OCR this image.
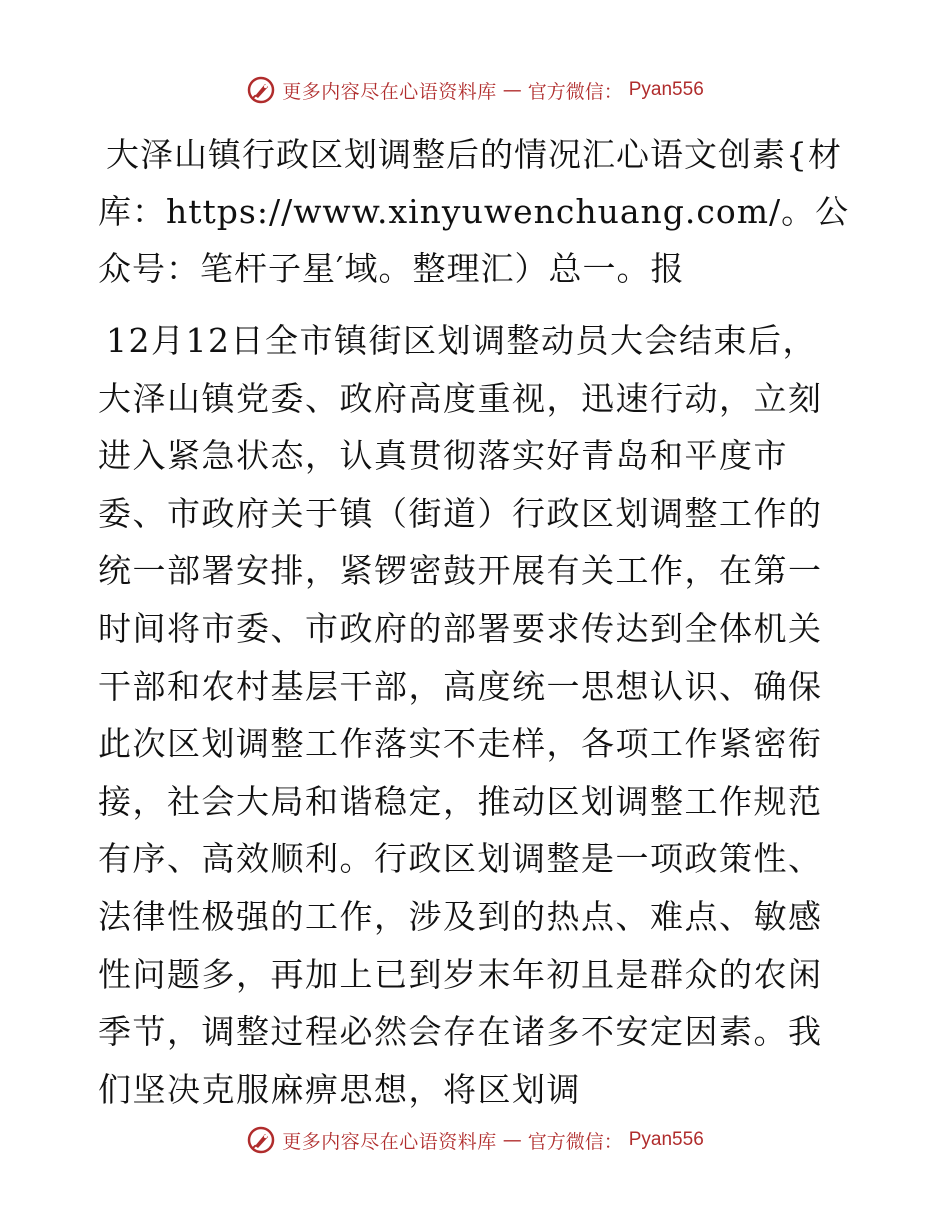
更多内容尽在心语资料库 — 官方微信： Pyan556

大泽山镇行政区划调整后的情况汇心语文创素{材库：https://www.xinyuwenchuang.com/。公众号：笔杆子星′域。整理汇）总一。报

12月12日全市镇街区划调整动员大会结束后，大泽山镇党委、政府高度重视，迅速行动，立刻进入紧急状态，认真贯彻落实好青岛和平度市委、市政府关于镇（街道）行政区划调整工作的统一部署安排，紧锣密鼓开展有关工作，在第一时间将市委、市政府的部署要求传达到全体机关干部和农村基层干部，高度统一思想认识、确保此次区划调整工作落实不走样，各项工作紧密衔接，社会大局和谐稳定，推动区划调整工作规范有序、高效顺利。行政区划调整是一项政策性、法律性极强的工作，涉及到的热点、难点、敏感性问题多，再加上已到岁末年初且是群众的农闲季节，调整过程必然会存在诸多不安定因素。我们坚决克服麻痹思想，将区划调

更多内容尽在心语资料库 — 官方微信： Pyan556
